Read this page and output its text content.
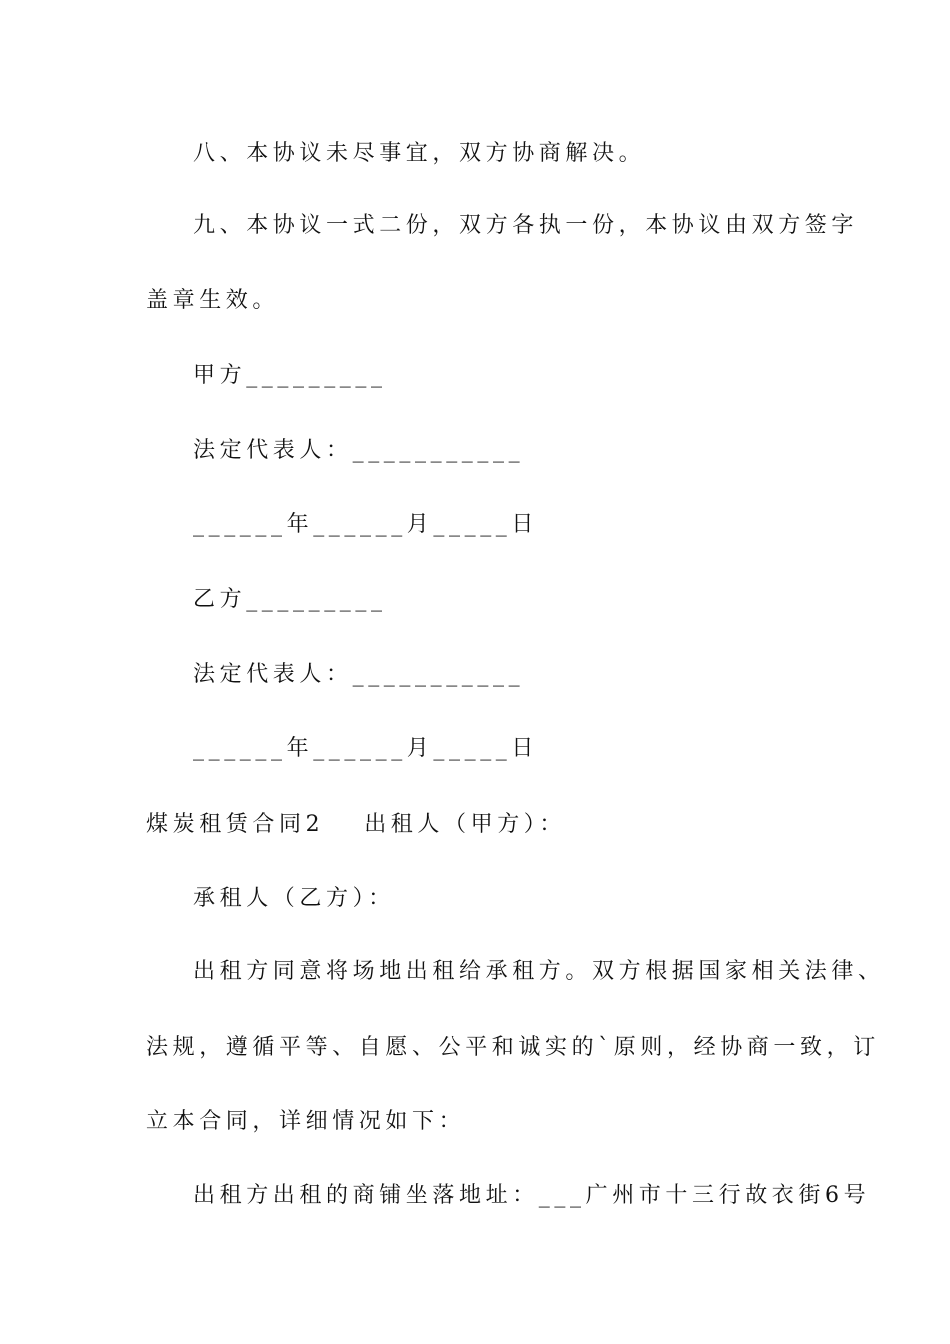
八、本协议未尽事宜，双方协商解决。
九、本协议一式二份，双方各执一份，本协议由双方签字
盖章生效。
甲方_________
法定代表人：___________
______年______月_____日
乙方_________
法定代表人：___________
______年______月_____日
煤炭租赁合同2 出租人（甲方）：
承租人（乙方）：
出租方同意将场地出租给承租方。双方根据国家相关法律、
法规，遵循平等、自愿、公平和诚实的`原则，经协商一致，订
立本合同，详细情况如下：
出租方出租的商铺坐落地址：___广州市十三行故衣街6号
